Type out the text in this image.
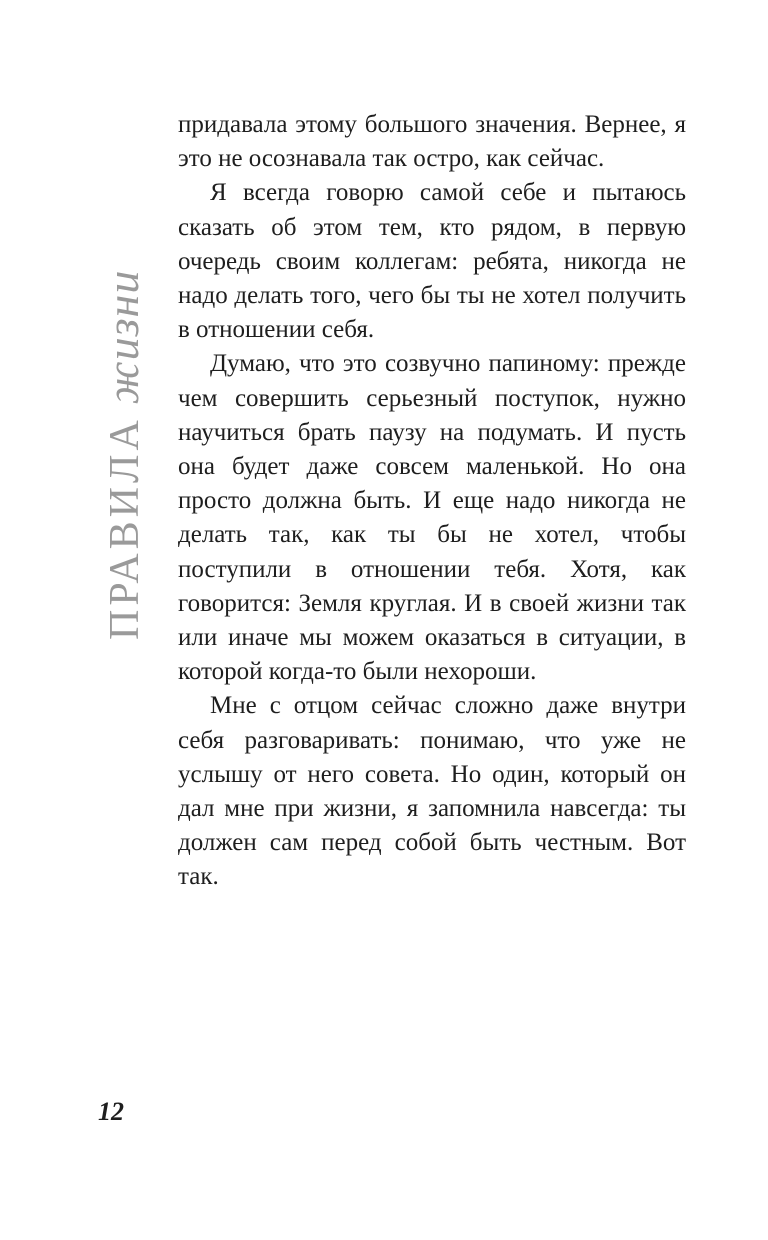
ПРАВИЛАжизни

придавала этому большого значения. Вернее, я это не осознавала так остро, как сейчас.

Я всегда говорю самой себе и пытаюсь сказать об этом тем, кто рядом, в первую очередь своим коллегам: ребята, никогда не надо делать того, чего бы ты не хотел получить в отношении себя.

Думаю, что это созвучно папиному: прежде чем совершить серьезный поступок, нужно научиться брать паузу на подумать. И пусть она будет даже совсем маленькой. Но она просто должна быть. И еще надо никогда не делать так, как ты бы не хотел, чтобы поступили в отношении тебя. Хотя, как говорится: Земля круглая. И в своей жизни так или иначе мы можем оказаться в ситуации, в которой когда-то были нехороши.

Мне с отцом сейчас сложно даже внутри себя разговаривать: понимаю, что уже не услышу от него совета. Но один, который он дал мне при жизни, я запомнила навсегда: ты должен сам перед собой быть честным. Вот так.

12
